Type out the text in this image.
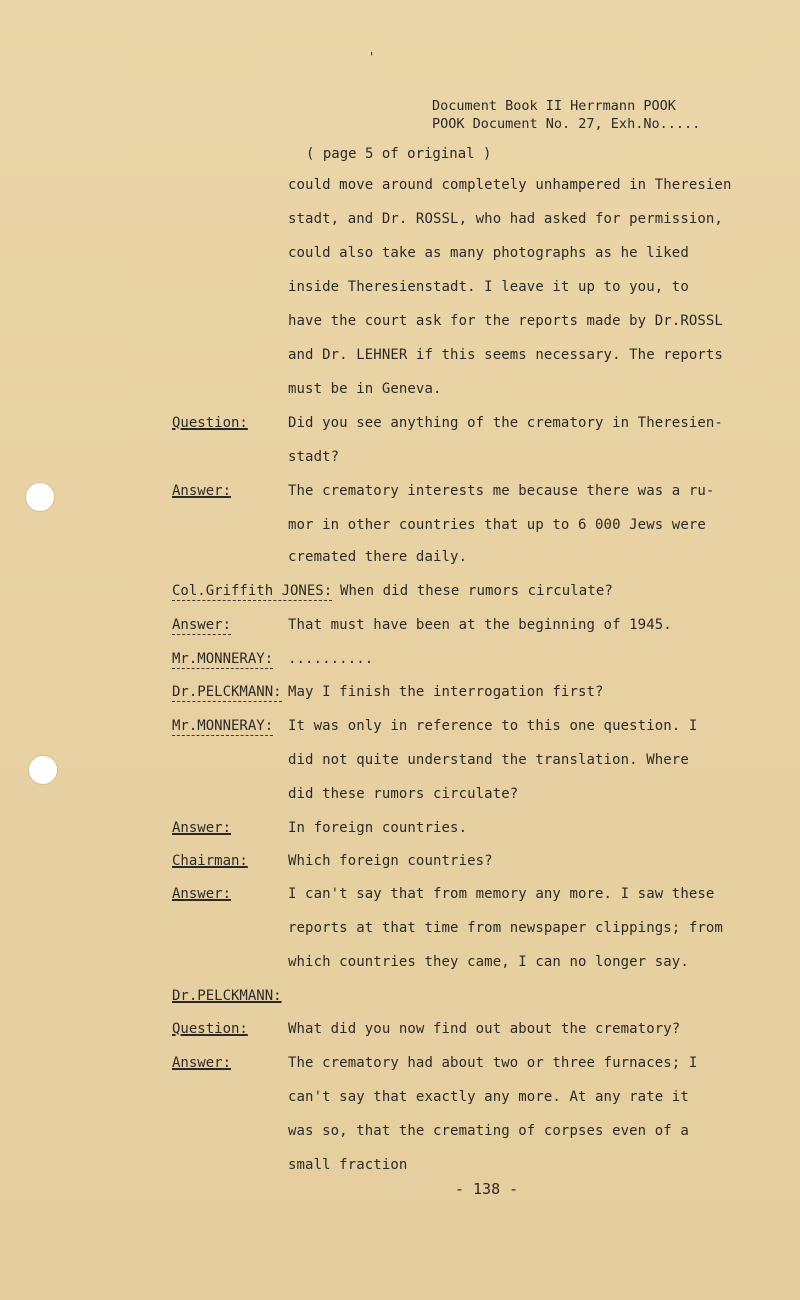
'
Document Book II Herrmann POOK
POOK Document No. 27, Exh.No.....
( page 5 of original )
could move around completely unhampered in Theresien
stadt, and Dr. ROSSL, who had asked for permission,
could also take as many photographs as he liked
inside Theresienstadt. I leave it up to you, to
have the court ask for the reports made by Dr.ROSSL
and Dr. LEHNER if this seems necessary. The reports
must be in Geneva.
Question:	Did you see anything of the crematory in Theresien-
stadt?
Answer:	The crematory interests me because there was a ru-
mor in other countries that up to 6 000 Jews were
cremated there daily.
Col.Griffith JONES: When did these rumors circulate?
Answer:	That must have been at the beginning of 1945.
Mr.MONNERAY: ..........
Dr.PELCKMANN: May I finish the interrogation first?
Mr.MONNERAY: It was only in reference to this one question. I
did not quite understand the translation. Where
did these rumors circulate?
Answer:	In foreign countries.
Chairman:	Which foreign countries?
Answer:	I can't say that from memory any more. I saw these
reports at that time from newspaper clippings; from
which countries they came, I can no longer say.
Dr.PELCKMANN:
Question:	What did you now find out about the crematory?
Answer:	The crematory had about two or three furnaces; I
can't say that exactly any more. At any rate it
was so, that the cremating of corpses even of a
small fraction
- 138 -
